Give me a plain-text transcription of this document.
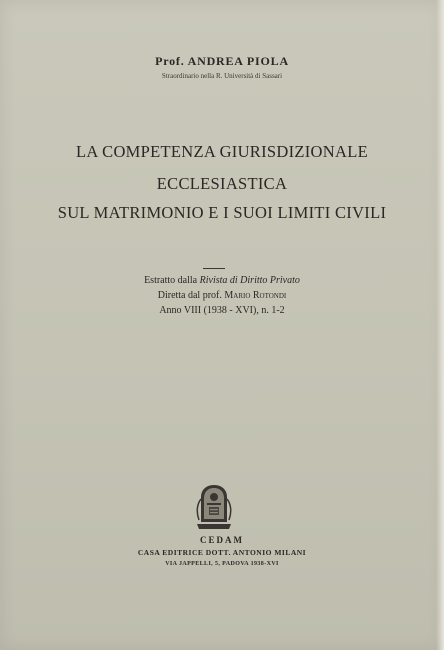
Prof. ANDREA PIOLA
Straordinario nella R. Università di Sassari
LA COMPETENZA GIURISDIZIONALE
ECCLESIASTICA
SUL MATRIMONIO E I SUOI LIMITI CIVILI
Estratto dalla Rivista di Diritto Privato
Diretta dal prof. Mario Rotondi
Anno VIII (1938 - XVI), n. 1-2
CEDAM
CASA EDITRICE DOTT. ANTONIO MILANI
VIA JAPPELLI, 5, PADOVA 1938-XVI
